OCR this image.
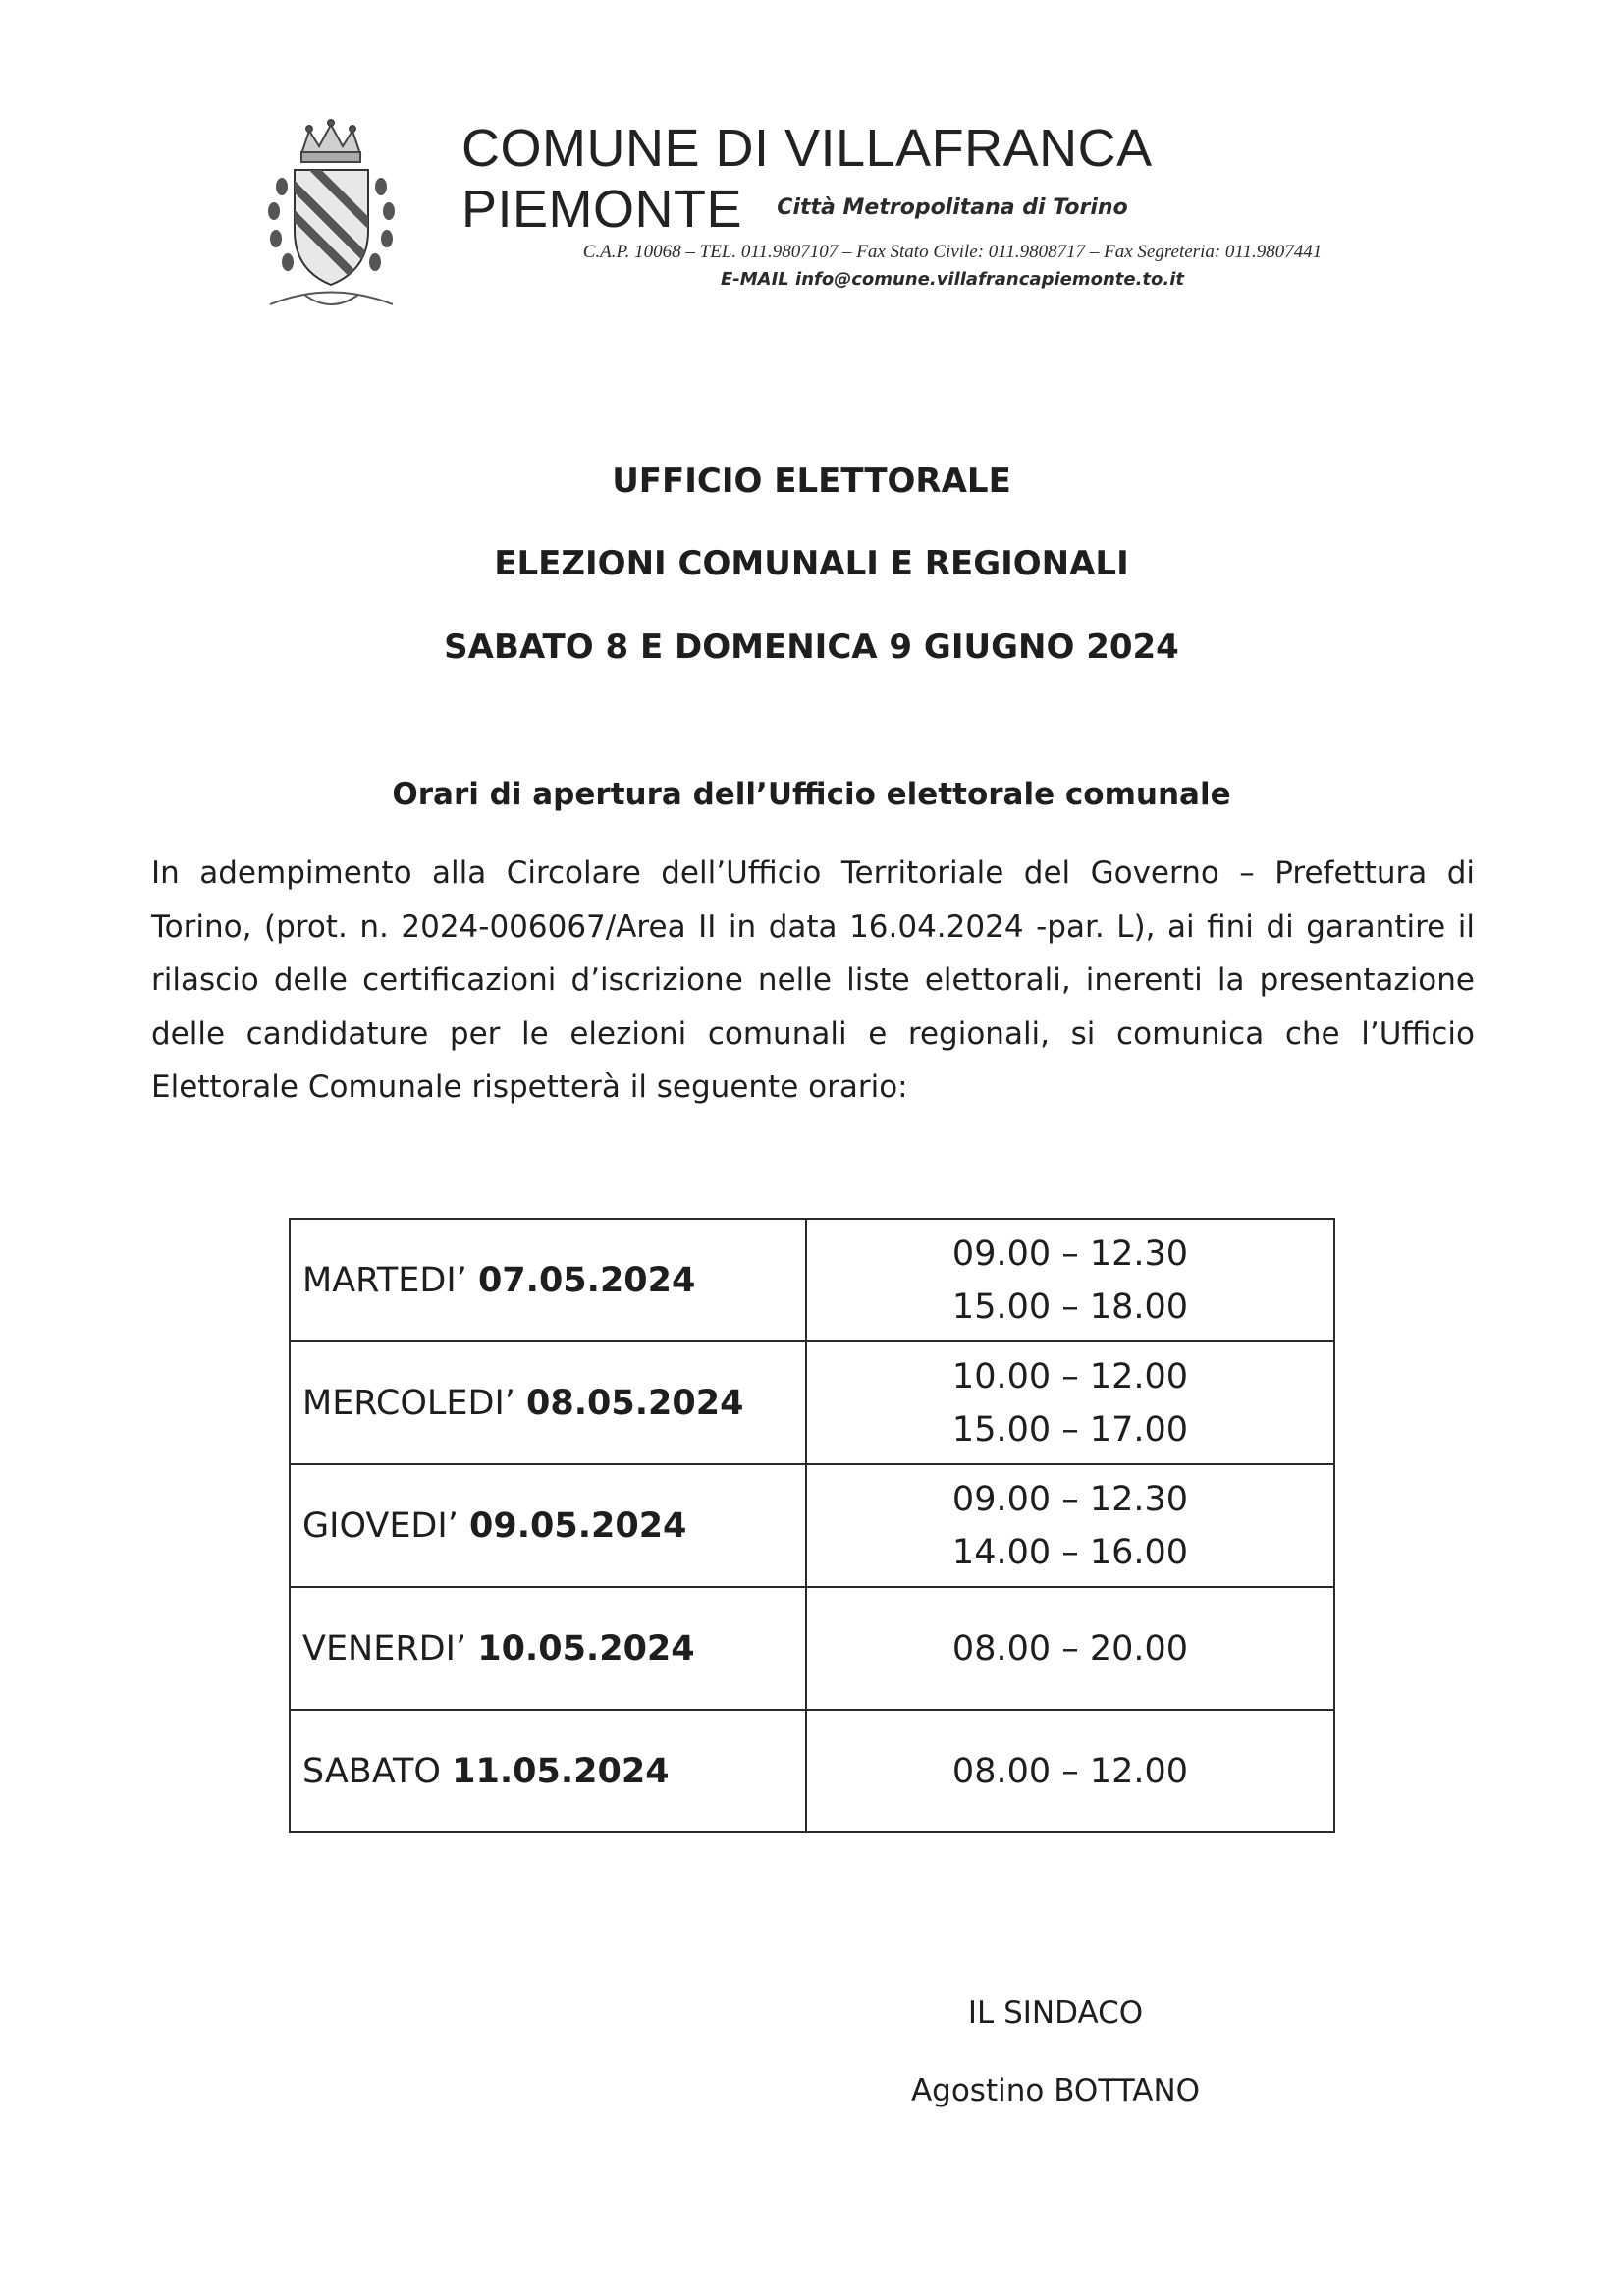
COMUNE DI VILLAFRANCA PIEMONTE	Città Metropolitana di Torino
C.A.P. 10068 – TEL. 011.9807107 – Fax Stato Civile: 011.9808717 – Fax Segreteria: 011.9807441
E-MAIL info@comune.villafrancapiemonte.to.it
UFFICIO ELETTORALE
ELEZIONI COMUNALI E REGIONALI
SABATO 8 E DOMENICA 9 GIUGNO 2024
Orari di apertura dell’Ufficio elettorale comunale
In adempimento alla Circolare dell’Ufficio Territoriale del Governo – Prefettura di Torino, (prot. n. 2024-006067/Area II in data 16.04.2024 -par. L), ai fini di garantire il rilascio delle certificazioni d’iscrizione nelle liste elettorali, inerenti la presentazione delle candidature per le elezioni comunali e regionali, si comunica che l’Ufficio Elettorale Comunale rispetterà il seguente orario:
MARTEDI’ 07.05.2024	09.00 – 12.30
15.00 – 18.00

MERCOLEDI’ 08.05.2024	10.00 – 12.00
15.00 – 17.00

GIOVEDI’ 09.05.2024	09.00 – 12.30
14.00 – 16.00

VENERDI’ 10.05.2024	08.00 – 20.00

SABATO 11.05.2024	08.00 – 12.00
IL SINDACO
Agostino BOTTANO
